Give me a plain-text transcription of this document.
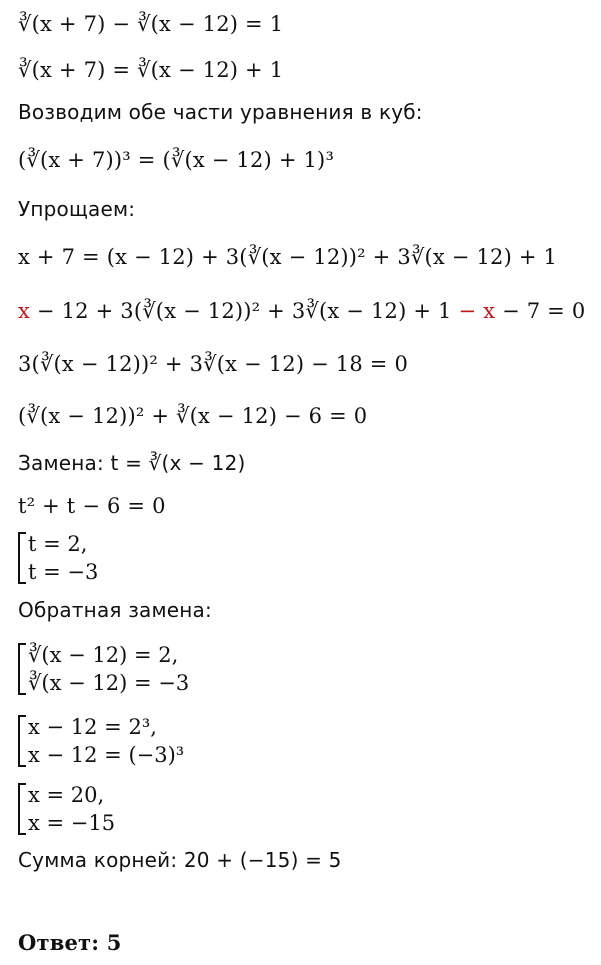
∛(x + 7) − ∛(x − 12) = 1
∛(x + 7) = ∛(x − 12) + 1
Возводим обе части уравнения в куб:
(∛(x + 7))³ = (∛(x − 12) + 1)³
Упрощаем:
x + 7 = (x − 12) + 3(∛(x − 12))² + 3∛(x − 12) + 1
x − 12 + 3(∛(x − 12))² + 3∛(x − 12) + 1 − x − 7 = 0
3(∛(x − 12))² + 3∛(x − 12) − 18 = 0
(∛(x − 12))² + ∛(x − 12) − 6 = 0
Замена: t = ∛(x − 12)
t² + t − 6 = 0
t = 2,
t = −3
Обратная замена:
∛(x − 12) = 2,
∛(x − 12) = −3
x − 12 = 2³,
x − 12 = (−3)³
x = 20,
x = −15
Сумма корней: 20 + (−15) = 5
Ответ: 5
